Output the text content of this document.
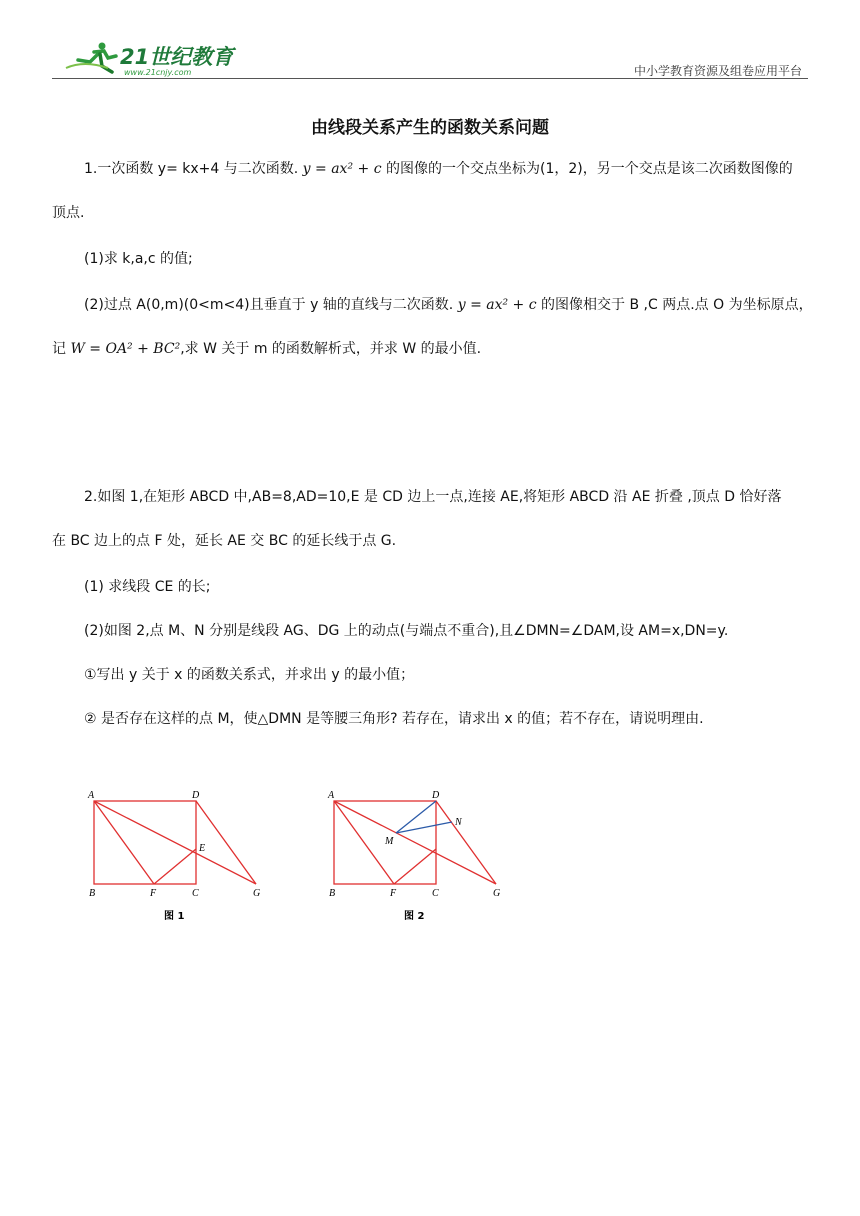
21世纪教育
www.21cnjy.com	中小学教育资源及组卷应用平台
由线段关系产生的函数关系问题
1.一次函数 y= kx+4 与二次函数. y = ax² + c 的图像的一个交点坐标为(1，2)，另一个交点是该二次函数图像的
顶点.
(1)求 k,a,c 的值;
(2)过点 A(0,m)(0<m<4)且垂直于 y 轴的直线与二次函数. y = ax² + c 的图像相交于 B ,C 两点.点 O 为坐标原点，
记 W = OA² + BC²,求 W 关于 m 的函数解析式，并求 W 的最小值.
2.如图 1,在矩形 ABCD 中,AB=8,AD=10,E 是 CD 边上一点,连接 AE,将矩形 ABCD 沿 AE 折叠 ,顶点 D 恰好落
在 BC 边上的点 F 处，延长 AE 交 BC 的延长线于点 G.
(1) 求线段 CE 的长;
(2)如图 2,点 M、N 分别是线段 AG、DG 上的动点(与端点不重合),且∠DMN=∠DAM,设 AM=x,DN=y.
①写出 y 关于 x 的函数关系式，并求出 y 的最小值；
② 是否存在这样的点 M，使△DMN 是等腰三角形? 若存在，请求出 x 的值；若不存在，请说明理由.
A	D
E
B	F	C	G
图 1
A	D
N
M
B	F	C	G
图 2
